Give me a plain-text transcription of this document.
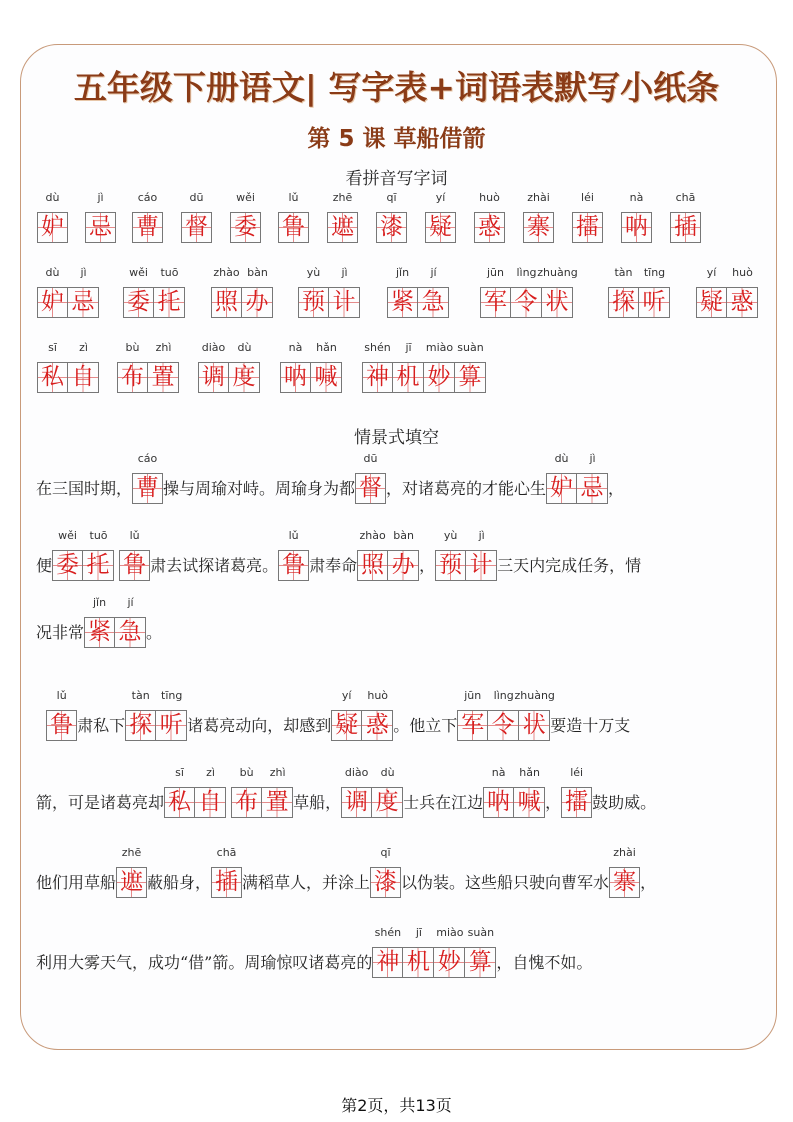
五年级下册语文| 写字表+词语表默写小纸条
第 5 课 草船借箭
看拼音写字词
dù
妒
jì
忌
cáo
曹
dū
督
wěi
委
lǔ
鲁
zhē
遮
qī
漆
yí
疑
huò
惑
zhài
寨
léi
擂
nà
呐
chā
插
dù
妒
jì
忌
wěi
委
tuō
托
zhào
照
bàn
办
yù
预
jì
计
jǐn
紧
jí
急
jūn
军
lìng
令
zhuàng
状
tàn
探
tīng
听
yí
疑
huò
惑
sī
私
zì
自
bù
布
zhì
置
diào
调
dù
度
nà
呐
hǎn
喊
shén
神
jī
机
miào
妙
suàn
算
情景式填空
在三国时期，
cáo
曹 操与周瑜对峙。周瑜身为都
dū
督 ，对诸葛亮的才能心生
dù
妒
jì
忌 ，
便
wěi
委
tuō
托

lǔ
鲁 肃去试探诸葛亮。
lǔ
鲁 肃奉命
zhào
照
bàn
办 ，
yù
预
jì
计 三天内完成任务，情
况非常
jǐn
紧
jí
急 。

lǔ
鲁 肃私下
tàn
探
tīng
听 诸葛亮动向，却感到
yí
疑
huò
惑 。他立下
jūn
军
lìng
令
zhuàng
状 要造十万支
箭，可是诸葛亮却
sī
私
zì
自

bù
布
zhì
置 草船，
diào
调
dù
度 士兵在江边
nà
呐
hǎn
喊 ，
léi
擂 鼓助威。
他们用草船
zhē
遮 蔽船身，
chā
插 满稻草人，并涂上
qī
漆 以伪装。这些船只驶向曹军水
zhài
寨 ，
利用大雾天气，成功“借”箭。周瑜惊叹诸葛亮的
shén
神
jī
机
miào
妙
suàn
算 ，自愧不如。
第2页，共13页
